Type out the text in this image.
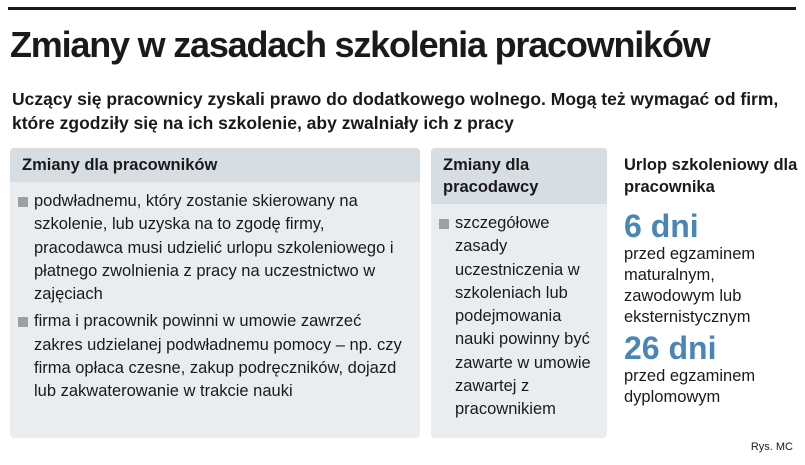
Zmiany w zasadach szkolenia pracowników
Uczący się pracownicy zyskali prawo do dodatkowego wolnego. Mogą też wymagać od firm, które zgodziły się na ich szkolenie, aby zwalniały ich z pracy
Zmiany dla pracowników
podwładnemu, który zostanie skierowany na szkolenie, lub uzyska na to zgodę firmy, pracodawca musi udzielić urlopu szkoleniowego i płatnego zwolnienia z pracy na uczestnictwo w zajęciach
firma i pracownik powinni w umowie zawrzeć zakres udzielanej podwładnemu pomocy – np. czy firma opłaca czesne, zakup podręczników, dojazd lub zakwaterowanie w trakcie nauki
Zmiany dla pracodawcy
szczegółowe zasady uczestniczenia w szkoleniach lub podejmowania nauki powinny być zawarte w umowie zawartej z pracownikiem
Urlop szkoleniowy dla pracownika
6 dni
przed egzaminem maturalnym, zawodowym lub eksternistycznym
26 dni
przed egzaminem dyplomowym
Rys. MC
